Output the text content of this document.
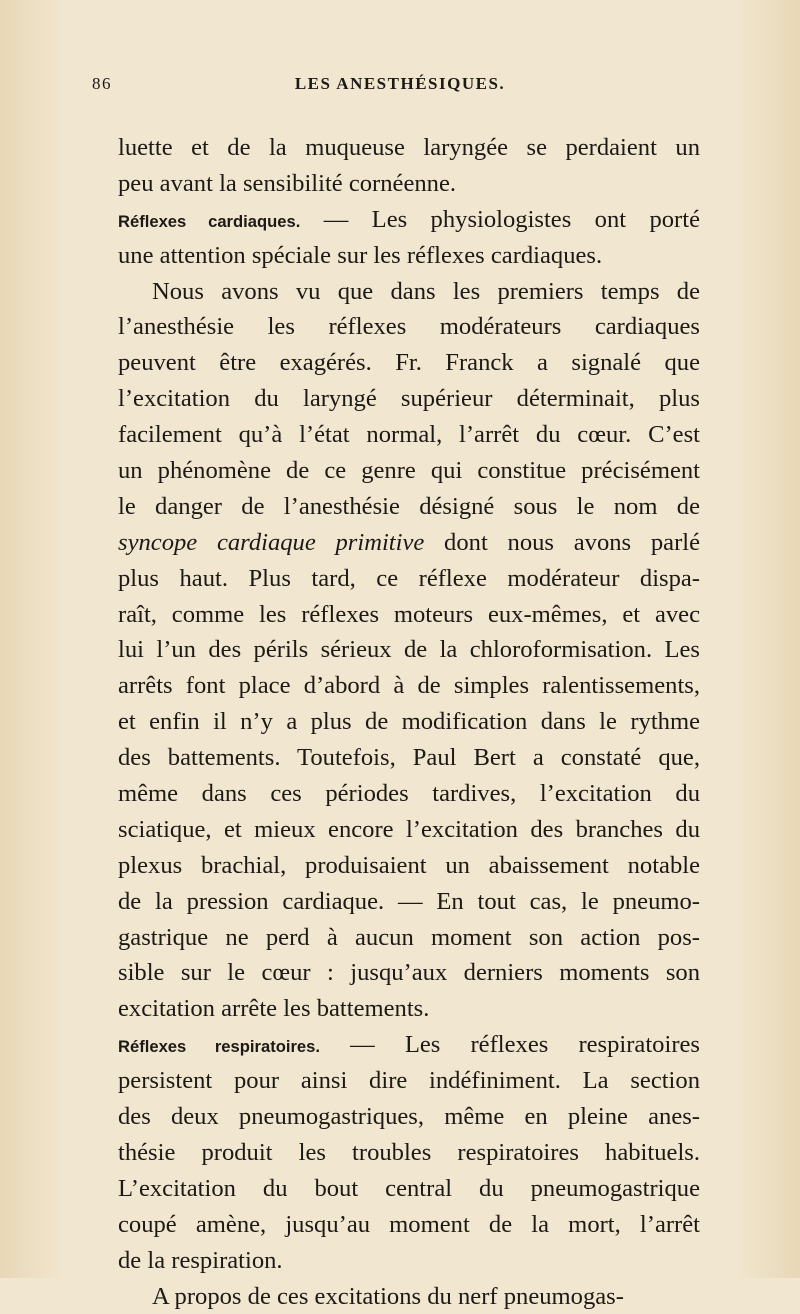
86	LES ANESTHÉSIQUES.
luette et de la muqueuse laryngée se perdaient un
peu avant la sensibilité cornéenne.
Réflexes cardiaques. — Les physiologistes ont porté
une attention spéciale sur les réflexes cardiaques.
Nous avons vu que dans les premiers temps de
l’anesthésie les réflexes modérateurs cardiaques
peuvent être exagérés. Fr. Franck a signalé que
l’excitation du laryngé supérieur déterminait, plus
facilement qu’à l’état normal, l’arrêt du cœur. C’est
un phénomène de ce genre qui constitue précisément
le danger de l’anesthésie désigné sous le nom de
syncope cardiaque primitive dont nous avons parlé
plus haut. Plus tard, ce réflexe modérateur dispa-
raît, comme les réflexes moteurs eux-mêmes, et avec
lui l’un des périls sérieux de la chloroformisation. Les
arrêts font place d’abord à de simples ralentissements,
et enfin il n’y a plus de modification dans le rythme
des battements. Toutefois, Paul Bert a constaté que,
même dans ces périodes tardives, l’excitation du
sciatique, et mieux encore l’excitation des branches du
plexus brachial, produisaient un abaissement notable
de la pression cardiaque. — En tout cas, le pneumo-
gastrique ne perd à aucun moment son action pos-
sible sur le cœur : jusqu’aux derniers moments son
excitation arrête les battements.
Réflexes respiratoires. — Les réflexes respiratoires
persistent pour ainsi dire indéfiniment. La section
des deux pneumogastriques, même en pleine anes-
thésie produit les troubles respiratoires habituels.
L’excitation du bout central du pneumogastrique
coupé amène, jusqu’au moment de la mort, l’arrêt
de la respiration.
A propos de ces excitations du nerf pneumogas-
